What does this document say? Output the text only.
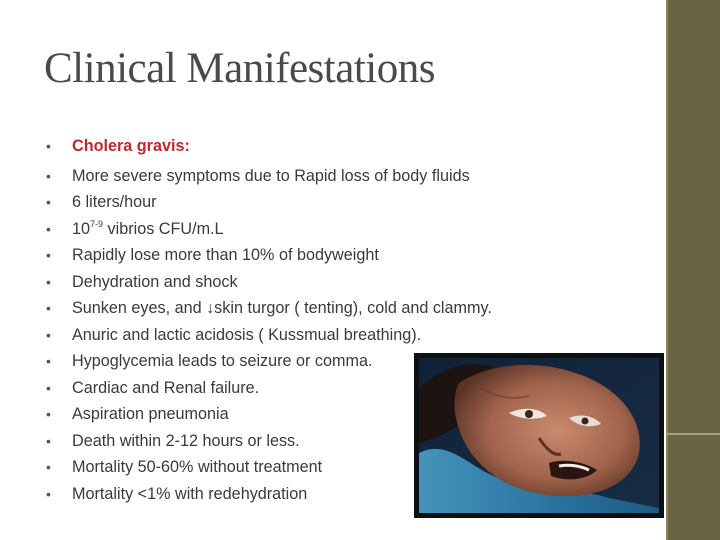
Clinical Manifestations
•	Cholera gravis:
•	More severe symptoms due to Rapid loss of body fluids
•	6 liters/hour
•	10$^{7-9}$ vibrios CFU/m.L
•	Rapidly lose more than 10% of bodyweight
•	Dehydration and shock
•	Sunken eyes, and ↓skin turgor ( tenting), cold and clammy.
•	Anuric and lactic acidosis ( Kussmual breathing).
•	Hypoglycemia leads to seizure or comma.
•	Cardiac and Renal failure.
•	Aspiration pneumonia
•	Death within 2-12 hours or less.
•	Mortality 50-60% without treatment
•	Mortality <1% with redehydration
